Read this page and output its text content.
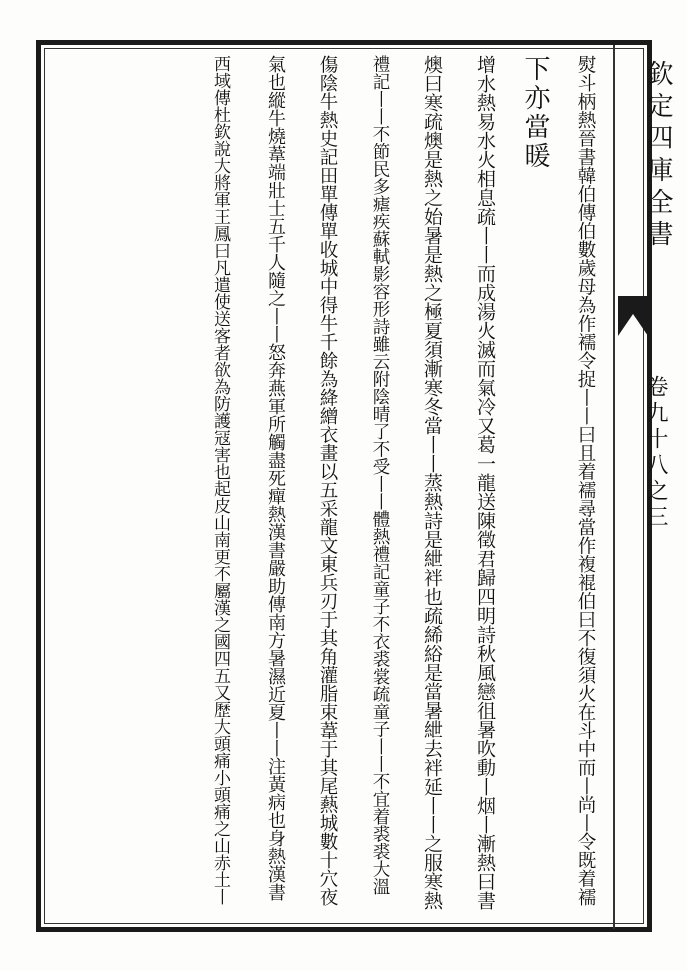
欽定四庫全書
卷九十八之三
熨斗柄熱晉書韓伯傳伯數歲母為作襦令捉丨丨曰且着襦尋當作複裩伯曰不復須火在斗中而丨尚丨令既着襦
下亦當暖
增水熱易水火相息疏丨丨而成湯火滅而氣冷又葛一龍送陳徵君歸四明詩秋風戀徂暑吹動丨烟丨漸熱曰書
燠曰寒疏燠是熱之始暑是熱之極夏須漸寒冬當丨丨蒸熱詩是紲袢也疏絺綌是當暑紲去袢延丨丨之服寒熱
禮記丨丨不節民多瘧疾蘇軾影容形詩雖云附陰晴了不受丨丨體熱禮記童子不衣裘裳疏童子丨丨不宜着裘裘大溫
傷陰牛熱史記田單傳單收城中得牛千餘為絳繒衣畫以五采龍文東兵刃于其角灌脂束葦于其尾爇城數十穴夜
氣也縱牛燒葦端壯士五千人隨之丨丨怒奔燕軍所觸盡死癉熱漢書嚴助傳南方暑濕近夏丨丨注黃病也身熱漢書
西域傳杜欽說大將軍王鳳曰凡遣使送客者欲為防護冦害也起皮山南更不屬漢之國四五又歷大頭痛小頭痛之山赤土丨
